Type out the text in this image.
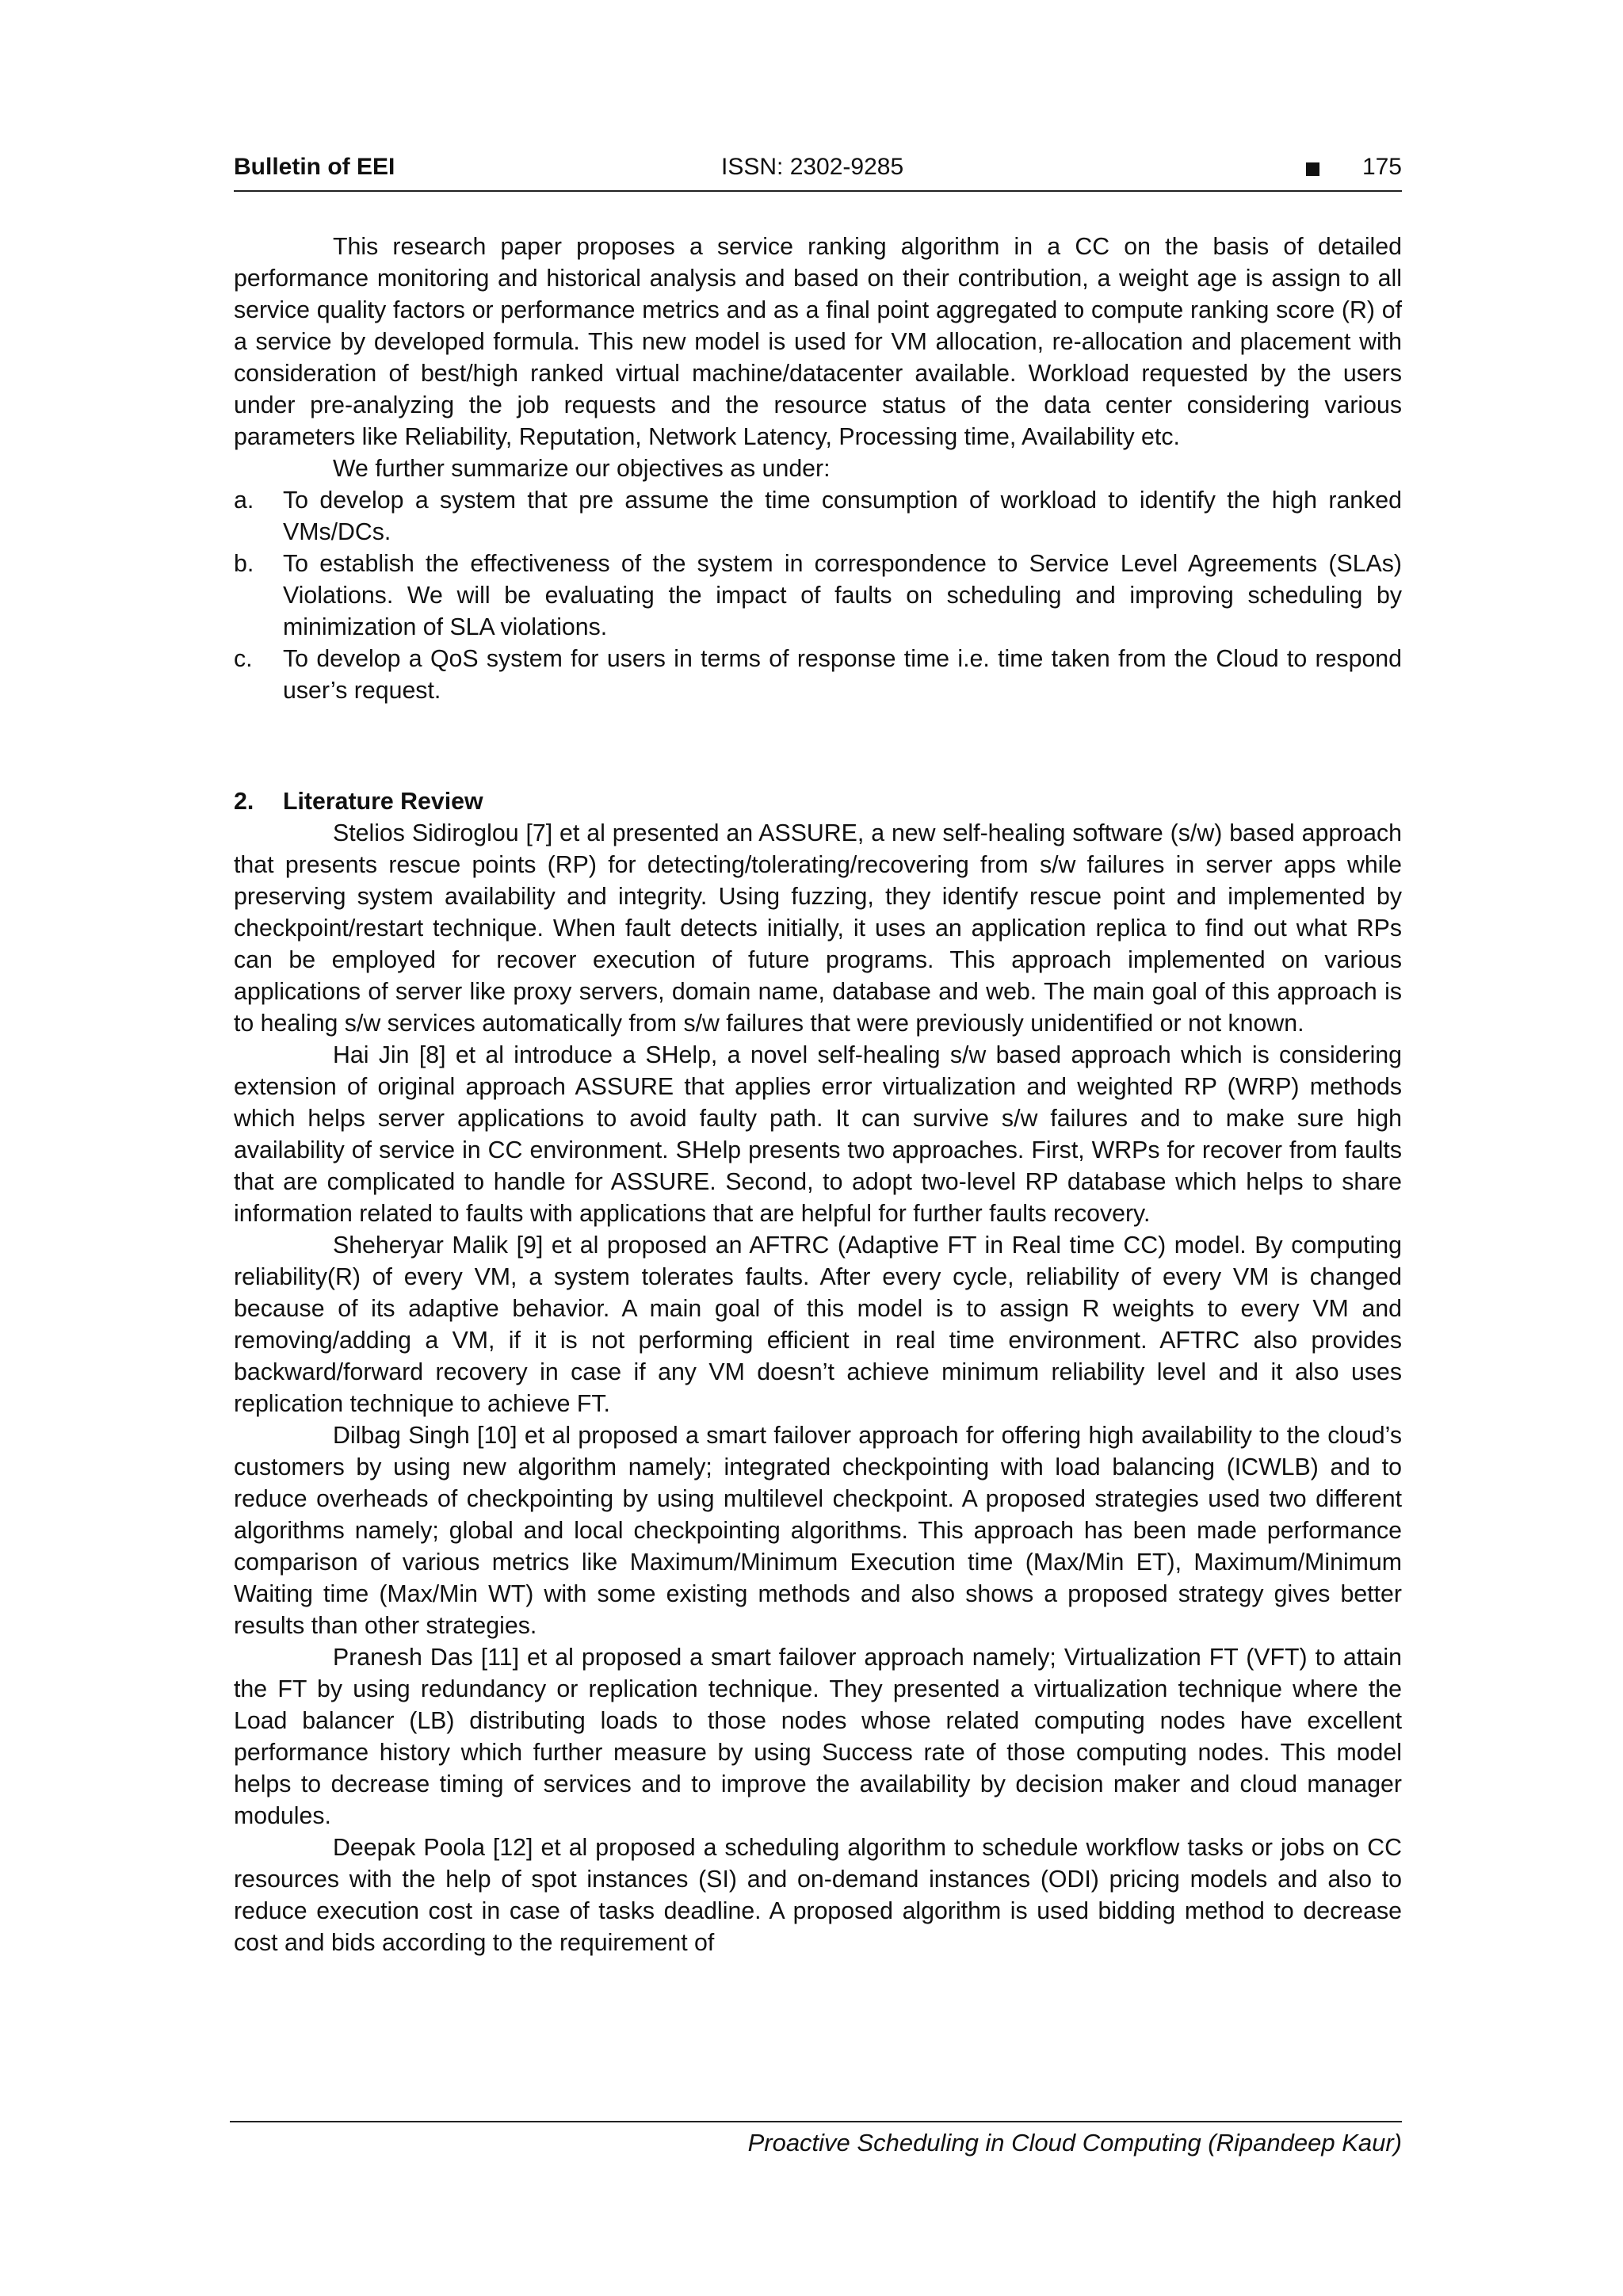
Bulletin of EEI	ISSN: 2302-9285	175

This research paper proposes a service ranking algorithm in a CC on the basis of detailed performance monitoring and historical analysis and based on their contribution, a weight age is assign to all service quality factors or performance metrics and as a final point aggregated to compute ranking score (R) of a service by developed formula. This new model is used for VM allocation, re-allocation and placement with consideration of best/high ranked virtual machine/datacenter available. Workload requested by the users under pre-analyzing the job requests and the resource status of the data center considering various parameters like Reliability, Reputation, Network Latency, Processing time, Availability etc.

We further summarize our objectives as under:

a. To develop a system that pre assume the time consumption of workload to identify the high ranked VMs/DCs.
b. To establish the effectiveness of the system in correspondence to Service Level Agreements (SLAs) Violations. We will be evaluating the impact of faults on scheduling and improving scheduling by minimization of SLA violations.
c. To develop a QoS system for users in terms of response time i.e. time taken from the Cloud to respond user’s request.
2.	Literature Review

Stelios Sidiroglou [7] et al presented an ASSURE, a new self-healing software (s/w) based approach that presents rescue points (RP) for detecting/tolerating/recovering from s/w failures in server apps while preserving system availability and integrity. Using fuzzing, they identify rescue point and implemented by checkpoint/restart technique. When fault detects initially, it uses an application replica to find out what RPs can be employed for recover execution of future programs. This approach implemented on various applications of server like proxy servers, domain name, database and web. The main goal of this approach is to healing s/w services automatically from s/w failures that were previously unidentified or not known.

Hai Jin [8] et al introduce a SHelp, a novel self-healing s/w based approach which is considering extension of original approach ASSURE that applies error virtualization and weighted RP (WRP) methods which helps server applications to avoid faulty path. It can survive s/w failures and to make sure high availability of service in CC environment. SHelp presents two approaches. First, WRPs for recover from faults that are complicated to handle for ASSURE. Second, to adopt two-level RP database which helps to share information related to faults with applications that are helpful for further faults recovery.

Sheheryar Malik [9] et al proposed an AFTRC (Adaptive FT in Real time CC) model. By computing reliability(R) of every VM, a system tolerates faults. After every cycle, reliability of every VM is changed because of its adaptive behavior. A main goal of this model is to assign R weights to every VM and removing/adding a VM, if it is not performing efficient in real time environment. AFTRC also provides backward/forward recovery in case if any VM doesn’t achieve minimum reliability level and it also uses replication technique to achieve FT.

Dilbag Singh [10] et al proposed a smart failover approach for offering high availability to the cloud’s customers by using new algorithm namely; integrated checkpointing with load balancing (ICWLB) and to reduce overheads of checkpointing by using multilevel checkpoint. A proposed strategies used two different algorithms namely; global and local checkpointing algorithms. This approach has been made performance comparison of various metrics like Maximum/Minimum Execution time (Max/Min ET), Maximum/Minimum Waiting time (Max/Min WT) with some existing methods and also shows a proposed strategy gives better results than other strategies.

Pranesh Das [11] et al proposed a smart failover approach namely; Virtualization FT (VFT) to attain the FT by using redundancy or replication technique. They presented a virtualization technique where the Load balancer (LB) distributing loads to those nodes whose related computing nodes have excellent performance history which further measure by using Success rate of those computing nodes. This model helps to decrease timing of services and to improve the availability by decision maker and cloud manager modules.

Deepak Poola [12] et al proposed a scheduling algorithm to schedule workflow tasks or jobs on CC resources with the help of spot instances (SI) and on-demand instances (ODI) pricing models and also to reduce execution cost in case of tasks deadline. A proposed algorithm is used bidding method to decrease cost and bids according to the requirement of

Proactive Scheduling in Cloud Computing (Ripandeep Kaur)
